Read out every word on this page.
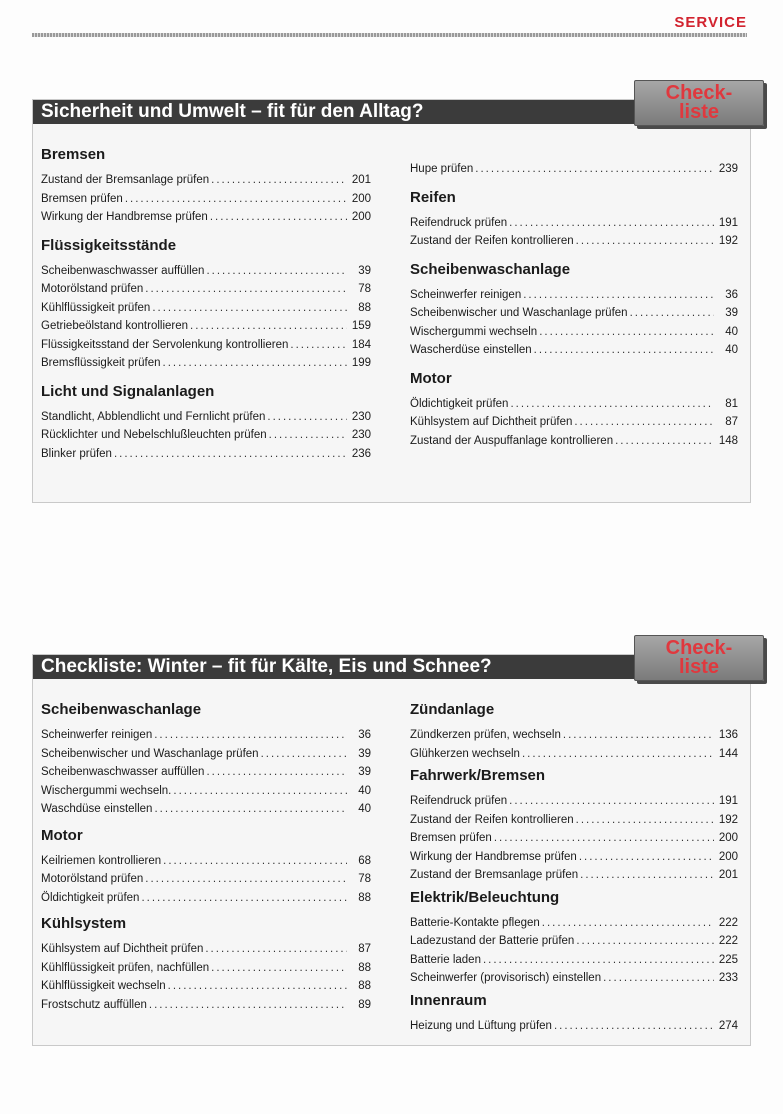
SERVICE
Sicherheit und Umwelt – fit für den Alltag?
Check-
liste
Bremsen
Zustand der Bremsanlage prüfen .....	201
Bremsen prüfen .....	200
Wirkung der Handbremse prüfen .....	200
Flüssigkeitsstände
Scheibenwaschwasser auffüllen .....	39
Motorölstand prüfen .....	78
Kühlflüssigkeit prüfen .....	88
Getriebeölstand kontrollieren .....	159
Flüssigkeitsstand der Servolenkung kontrollieren .....	184
Bremsflüssigkeit prüfen .....	199
Licht und Signalanlagen
Standlicht, Abblendlicht und Fernlicht prüfen .....	230
Rücklichter und Nebelschlußleuchten prüfen .....	230
Blinker prüfen .....	236
Hupe prüfen .....	239
Reifen
Reifendruck prüfen .....	191
Zustand der Reifen kontrollieren .....	192
Scheibenwaschanlage
Scheinwerfer reinigen .....	36
Scheibenwischer und Waschanlage prüfen .....	39
Wischergummi wechseln .....	40
Wascherdüse einstellen .....	40
Motor
Öldichtigkeit prüfen .....	81
Kühlsystem auf Dichtheit prüfen .....	87
Zustand der Auspuffanlage kontrollieren .....	148
Checkliste: Winter – fit für Kälte, Eis und Schnee?
Check-
liste
Scheibenwaschanlage
Scheinwerfer reinigen .....	36
Scheibenwischer und Waschanlage prüfen .....	39
Scheibenwaschwasser auffüllen .....	39
Wischergummi wechseln. .....	40
Waschdüse einstellen .....	40
Motor
Keilriemen kontrollieren .....	68
Motorölstand prüfen .....	78
Öldichtigkeit prüfen .....	88
Kühlsystem
Kühlsystem auf Dichtheit prüfen .....	87
Kühlflüssigkeit prüfen, nachfüllen .....	88
Kühlflüssigkeit wechseln .....	88
Frostschutz auffüllen .....	89
Zündanlage
Zündkerzen prüfen, wechseln .....	136
Glühkerzen wechseln .....	144
Fahrwerk/Bremsen
Reifendruck prüfen .....	191
Zustand der Reifen kontrollieren .....	192
Bremsen prüfen .....	200
Wirkung der Handbremse prüfen .....	200
Zustand der Bremsanlage prüfen .....	201
Elektrik/Beleuchtung
Batterie-Kontakte pflegen .....	222
Ladezustand der Batterie prüfen .....	222
Batterie laden .....	225
Scheinwerfer (provisorisch) einstellen .....	233
Innenraum
Heizung und Lüftung prüfen .....	274
